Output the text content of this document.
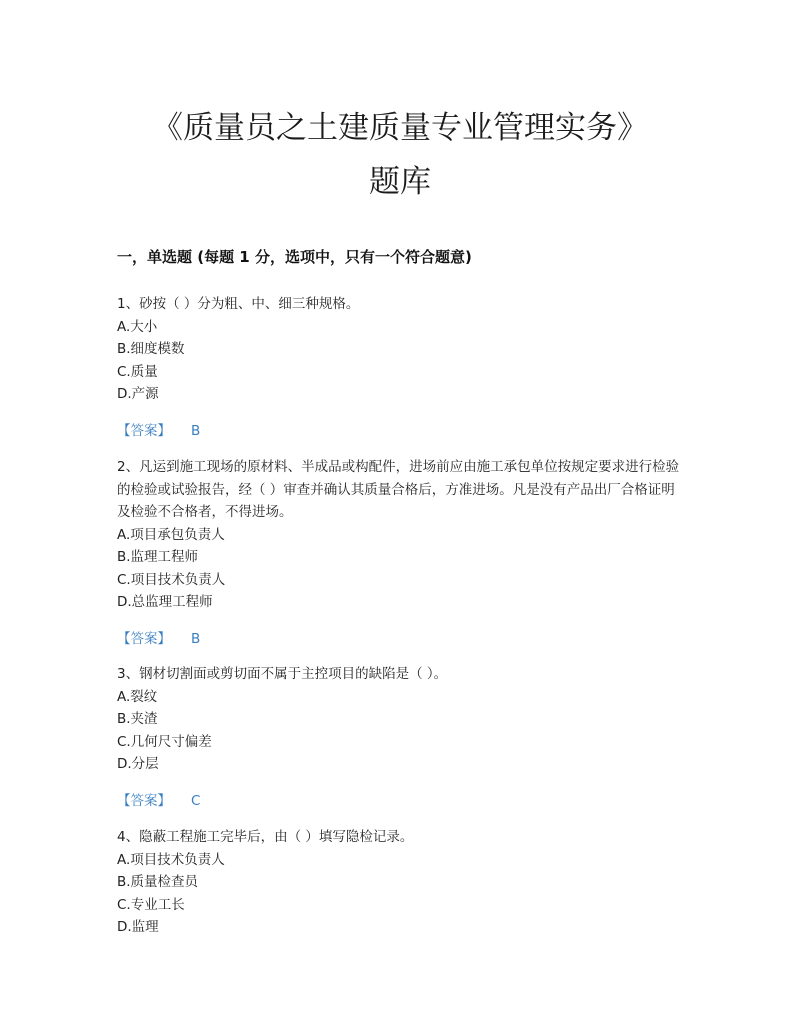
《质量员之土建质量专业管理实务》
题库
一，单选题 (每题 1 分，选项中，只有一个符合题意)

1、砂按（ ）分为粗、中、细三种规格。

A.大小
B.细度模数
C.质量
D.产源
【答案】 B

2、凡运到施工现场的原材料、半成品或构配件，进场前应由施工承包单位按规定要求进行检验的检验或试验报告，经（ ）审查并确认其质量合格后，方准进场。凡是没有产品出厂合格证明及检验不合格者，不得进场。

A.项目承包负责人
B.监理工程师
C.项目技术负责人
D.总监理工程师
【答案】 B

3、钢材切割面或剪切面不属于主控项目的缺陷是（ ）。

A.裂纹
B.夹渣
C.几何尺寸偏差
D.分层
【答案】 C

4、隐蔽工程施工完毕后，由（ ）填写隐检记录。

A.项目技术负责人
B.质量检查员
C.专业工长
D.监理
